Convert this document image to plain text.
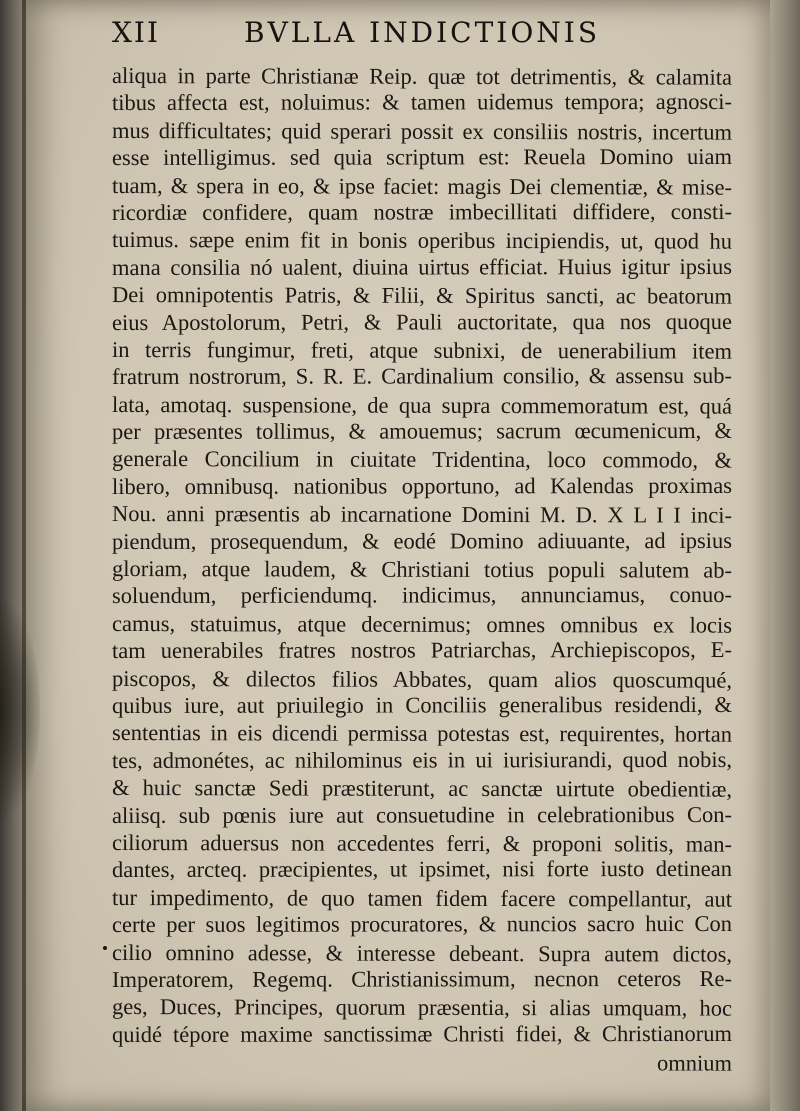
XII	BVLLA INDICTIONIS
aliqua in parte Christianæ Reip. quæ tot detrimentis, & calamita
tibus affecta est, noluimus: & tamen uidemus tempora; agnosci-
mus difficultates; quid sperari possit ex consiliis nostris, incertum
esse intelligimus. sed quia scriptum est: Reuela Domino uiam
tuam, & spera in eo, & ipse faciet: magis Dei clementiæ, & mise-
ricordiæ confidere, quam nostræ imbecillitati diffidere, consti-
tuimus. sæpe enim fit in bonis operibus incipiendis, ut, quod hu
mana consilia nó ualent, diuina uirtus efficiat. Huius igitur ipsius
Dei omnipotentis Patris, & Filii, & Spiritus sancti, ac beatorum
eius Apostolorum, Petri, & Pauli auctoritate, qua nos quoque
in terris fungimur, freti, atque subnixi, de uenerabilium item
fratrum nostrorum, S. R. E. Cardinalium consilio, & assensu sub-
lata, amotaq. suspensione, de qua supra commemoratum est, quá
per præsentes tollimus, & amouemus; sacrum œcumenicum, &
generale Concilium in ciuitate Tridentina, loco commodo, &
libero, omnibusq. nationibus opportuno, ad Kalendas proximas
Nou. anni præsentis ab incarnatione Domini M. D. X L I I inci-
piendum, prosequendum, & eodé Domino adiuuante, ad ipsius
gloriam, atque laudem, & Christiani totius populi salutem ab-
soluendum, perficiendumq. indicimus, annunciamus, conuo-
camus, statuimus, atque decernimus; omnes omnibus ex locis
tam uenerabiles fratres nostros Patriarchas, Archiepiscopos, E-
piscopos, & dilectos filios Abbates, quam alios quoscumqué,
quibus iure, aut priuilegio in Conciliis generalibus residendi, &
sententias in eis dicendi permissa potestas est, requirentes, hortan
tes, admonétes, ac nihilominus eis in ui iurisiurandi, quod nobis,
& huic sanctæ Sedi præstiterunt, ac sanctæ uirtute obedientiæ,
aliisq. sub pœnis iure aut consuetudine in celebrationibus Con-
ciliorum aduersus non accedentes ferri, & proponi solitis, man-
dantes, arcteq. præcipientes, ut ipsimet, nisi forte iusto detinean
tur impedimento, de quo tamen fidem facere compellantur, aut
certe per suos legitimos procuratores, & nuncios sacro huic Con
cilio omnino adesse, & interesse debeant. Supra autem dictos,
Imperatorem, Regemq. Christianissimum, necnon ceteros Re-
ges, Duces, Principes, quorum præsentia, si alias umquam, hoc
quidé tépore maxime sanctissimæ Christi fidei, & Christianorum
omnium
